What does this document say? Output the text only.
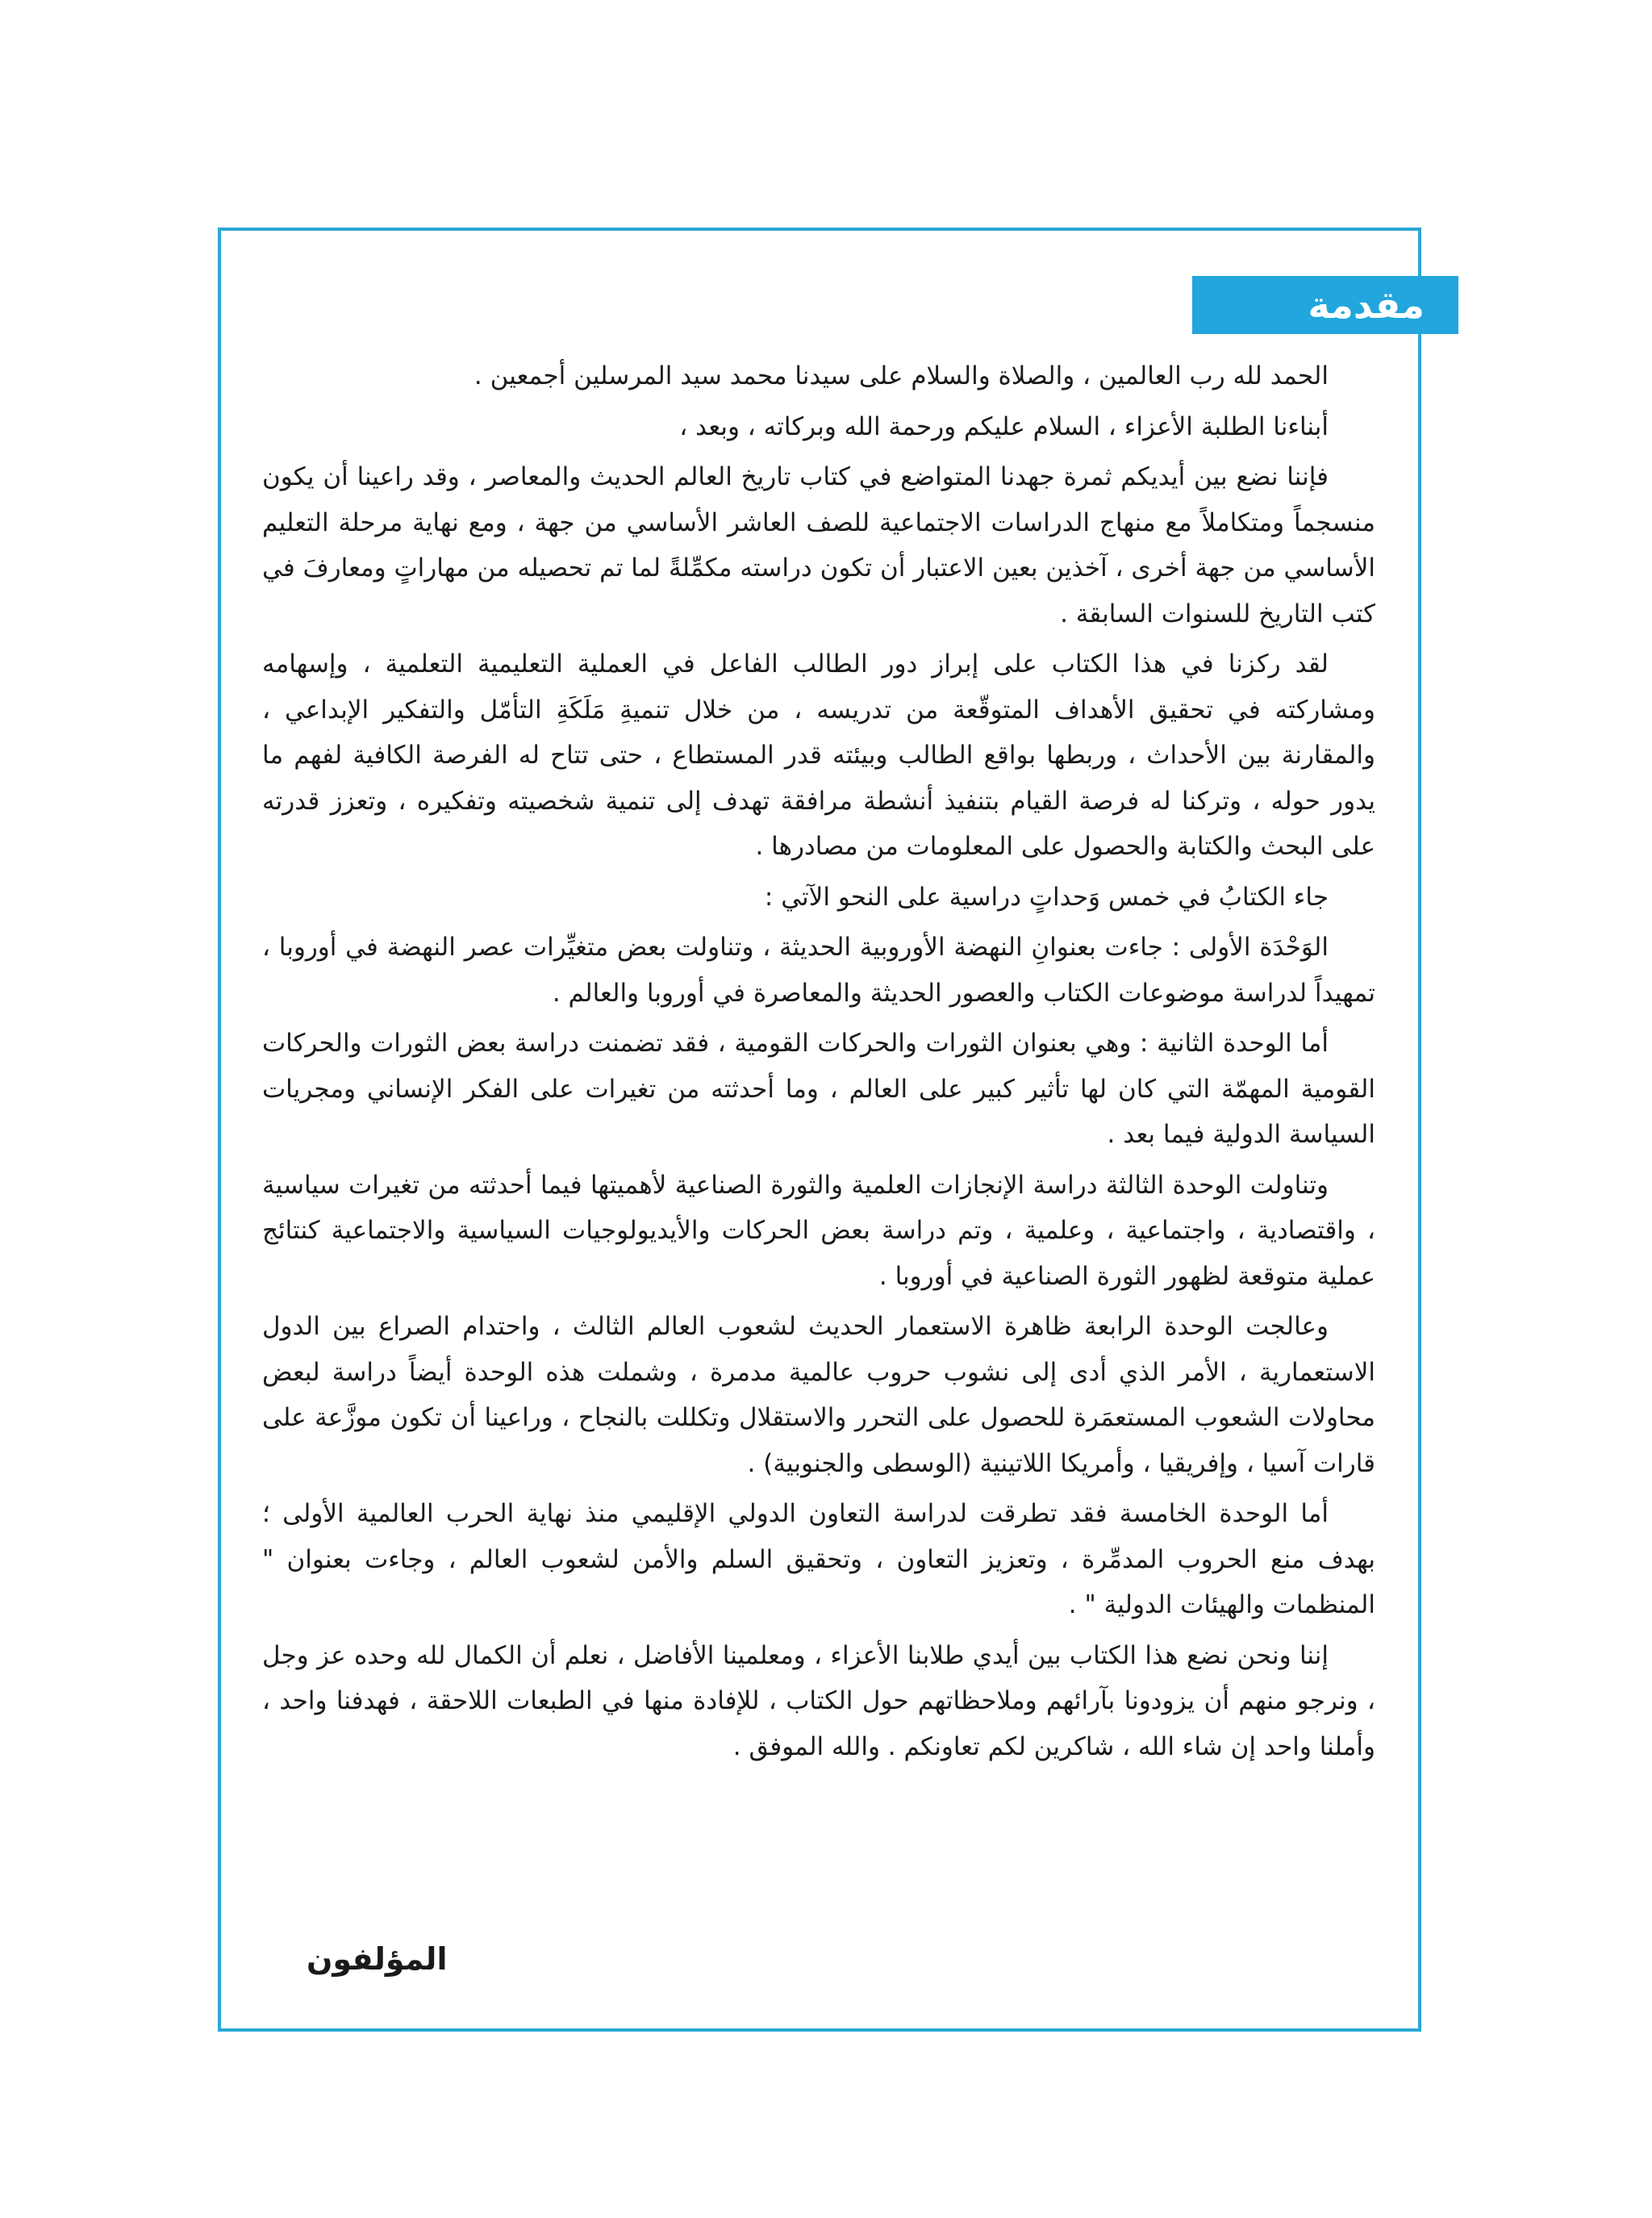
مقدمة

الحمد لله رب العالمين ، والصلاة والسلام على سيدنا محمد سيد المرسلين أجمعين .

أبناءنا الطلبة الأعزاء ، السلام عليكم ورحمة الله وبركاته ، وبعد ،

فإننا نضع بين أيديكم ثمرة جهدنا المتواضع في كتاب تاريخ العالم الحديث والمعاصر ، وقد راعينا أن يكون منسجماً ومتكاملاً مع منهاج الدراسات الاجتماعية للصف العاشر الأساسي من جهة ، ومع نهاية مرحلة التعليم الأساسي من جهة أخرى ، آخذين بعين الاعتبار أن تكون دراسته مكمِّلةً لما تم تحصيله من مهاراتٍ ومعارفَ في كتب التاريخ للسنوات السابقة .

لقد ركزنا في هذا الكتاب على إبراز دور الطالب الفاعل في العملية التعليمية التعلمية ، وإسهامه ومشاركته في تحقيق الأهداف المتوقّعة من تدريسه ، من خلال تنميةِ مَلَكَةِ التأمّل والتفكير الإبداعي ، والمقارنة بين الأحداث ، وربطها بواقع الطالب وبيئته قدر المستطاع ، حتى تتاح له الفرصة الكافية لفهم ما يدور حوله ، وتركنا له فرصة القيام بتنفيذ أنشطة مرافقة تهدف إلى تنمية شخصيته وتفكيره ، وتعزز قدرته على البحث والكتابة والحصول على المعلومات من مصادرها .

جاء الكتابُ في خمس وَحداتٍ دراسية على النحو الآتي :

الوَحْدَة الأولى : جاءت بعنوانِ النهضة الأوروبية الحديثة ، وتناولت بعض متغيِّرات عصر النهضة في أوروبا ، تمهيداً لدراسة موضوعات الكتاب والعصور الحديثة والمعاصرة في أوروبا والعالم .

أما الوحدة الثانية : وهي بعنوان الثورات والحركات القومية ، فقد تضمنت دراسة بعض الثورات والحركات القومية المهمّة التي كان لها تأثير كبير على العالم ، وما أحدثته من تغيرات على الفكر الإنساني ومجريات السياسة الدولية فيما بعد .

وتناولت الوحدة الثالثة دراسة الإنجازات العلمية والثورة الصناعية لأهميتها فيما أحدثته من تغيرات سياسية ، واقتصادية ، واجتماعية ، وعلمية ، وتم دراسة بعض الحركات والأيديولوجيات السياسية والاجتماعية كنتائج عملية متوقعة لظهور الثورة الصناعية في أوروبا .

وعالجت الوحدة الرابعة ظاهرة الاستعمار الحديث لشعوب العالم الثالث ، واحتدام الصراع بين الدول الاستعمارية ، الأمر الذي أدى إلى نشوب حروب عالمية مدمرة ، وشملت هذه الوحدة أيضاً دراسة لبعض محاولات الشعوب المستعمَرة للحصول على التحرر والاستقلال وتكللت بالنجاح ، وراعينا أن تكون موزَّعة على قارات آسيا ، وإفريقيا ، وأمريكا اللاتينية (الوسطى والجنوبية) .

أما الوحدة الخامسة فقد تطرقت لدراسة التعاون الدولي الإقليمي منذ نهاية الحرب العالمية الأولى ؛ بهدف منع الحروب المدمِّرة ، وتعزيز التعاون ، وتحقيق السلم والأمن لشعوب العالم ، وجاءت بعنوان " المنظمات والهيئات الدولية " .

إننا ونحن نضع هذا الكتاب بين أيدي طلابنا الأعزاء ، ومعلمينا الأفاضل ، نعلم أن الكمال لله وحده عز وجل ، ونرجو منهم أن يزودونا بآرائهم وملاحظاتهم حول الكتاب ، للإفادة منها في الطبعات اللاحقة ، فهدفنا واحد ، وأملنا واحد إن شاء الله ، شاكرين لكم تعاونكم . والله الموفق .

المؤلفون
